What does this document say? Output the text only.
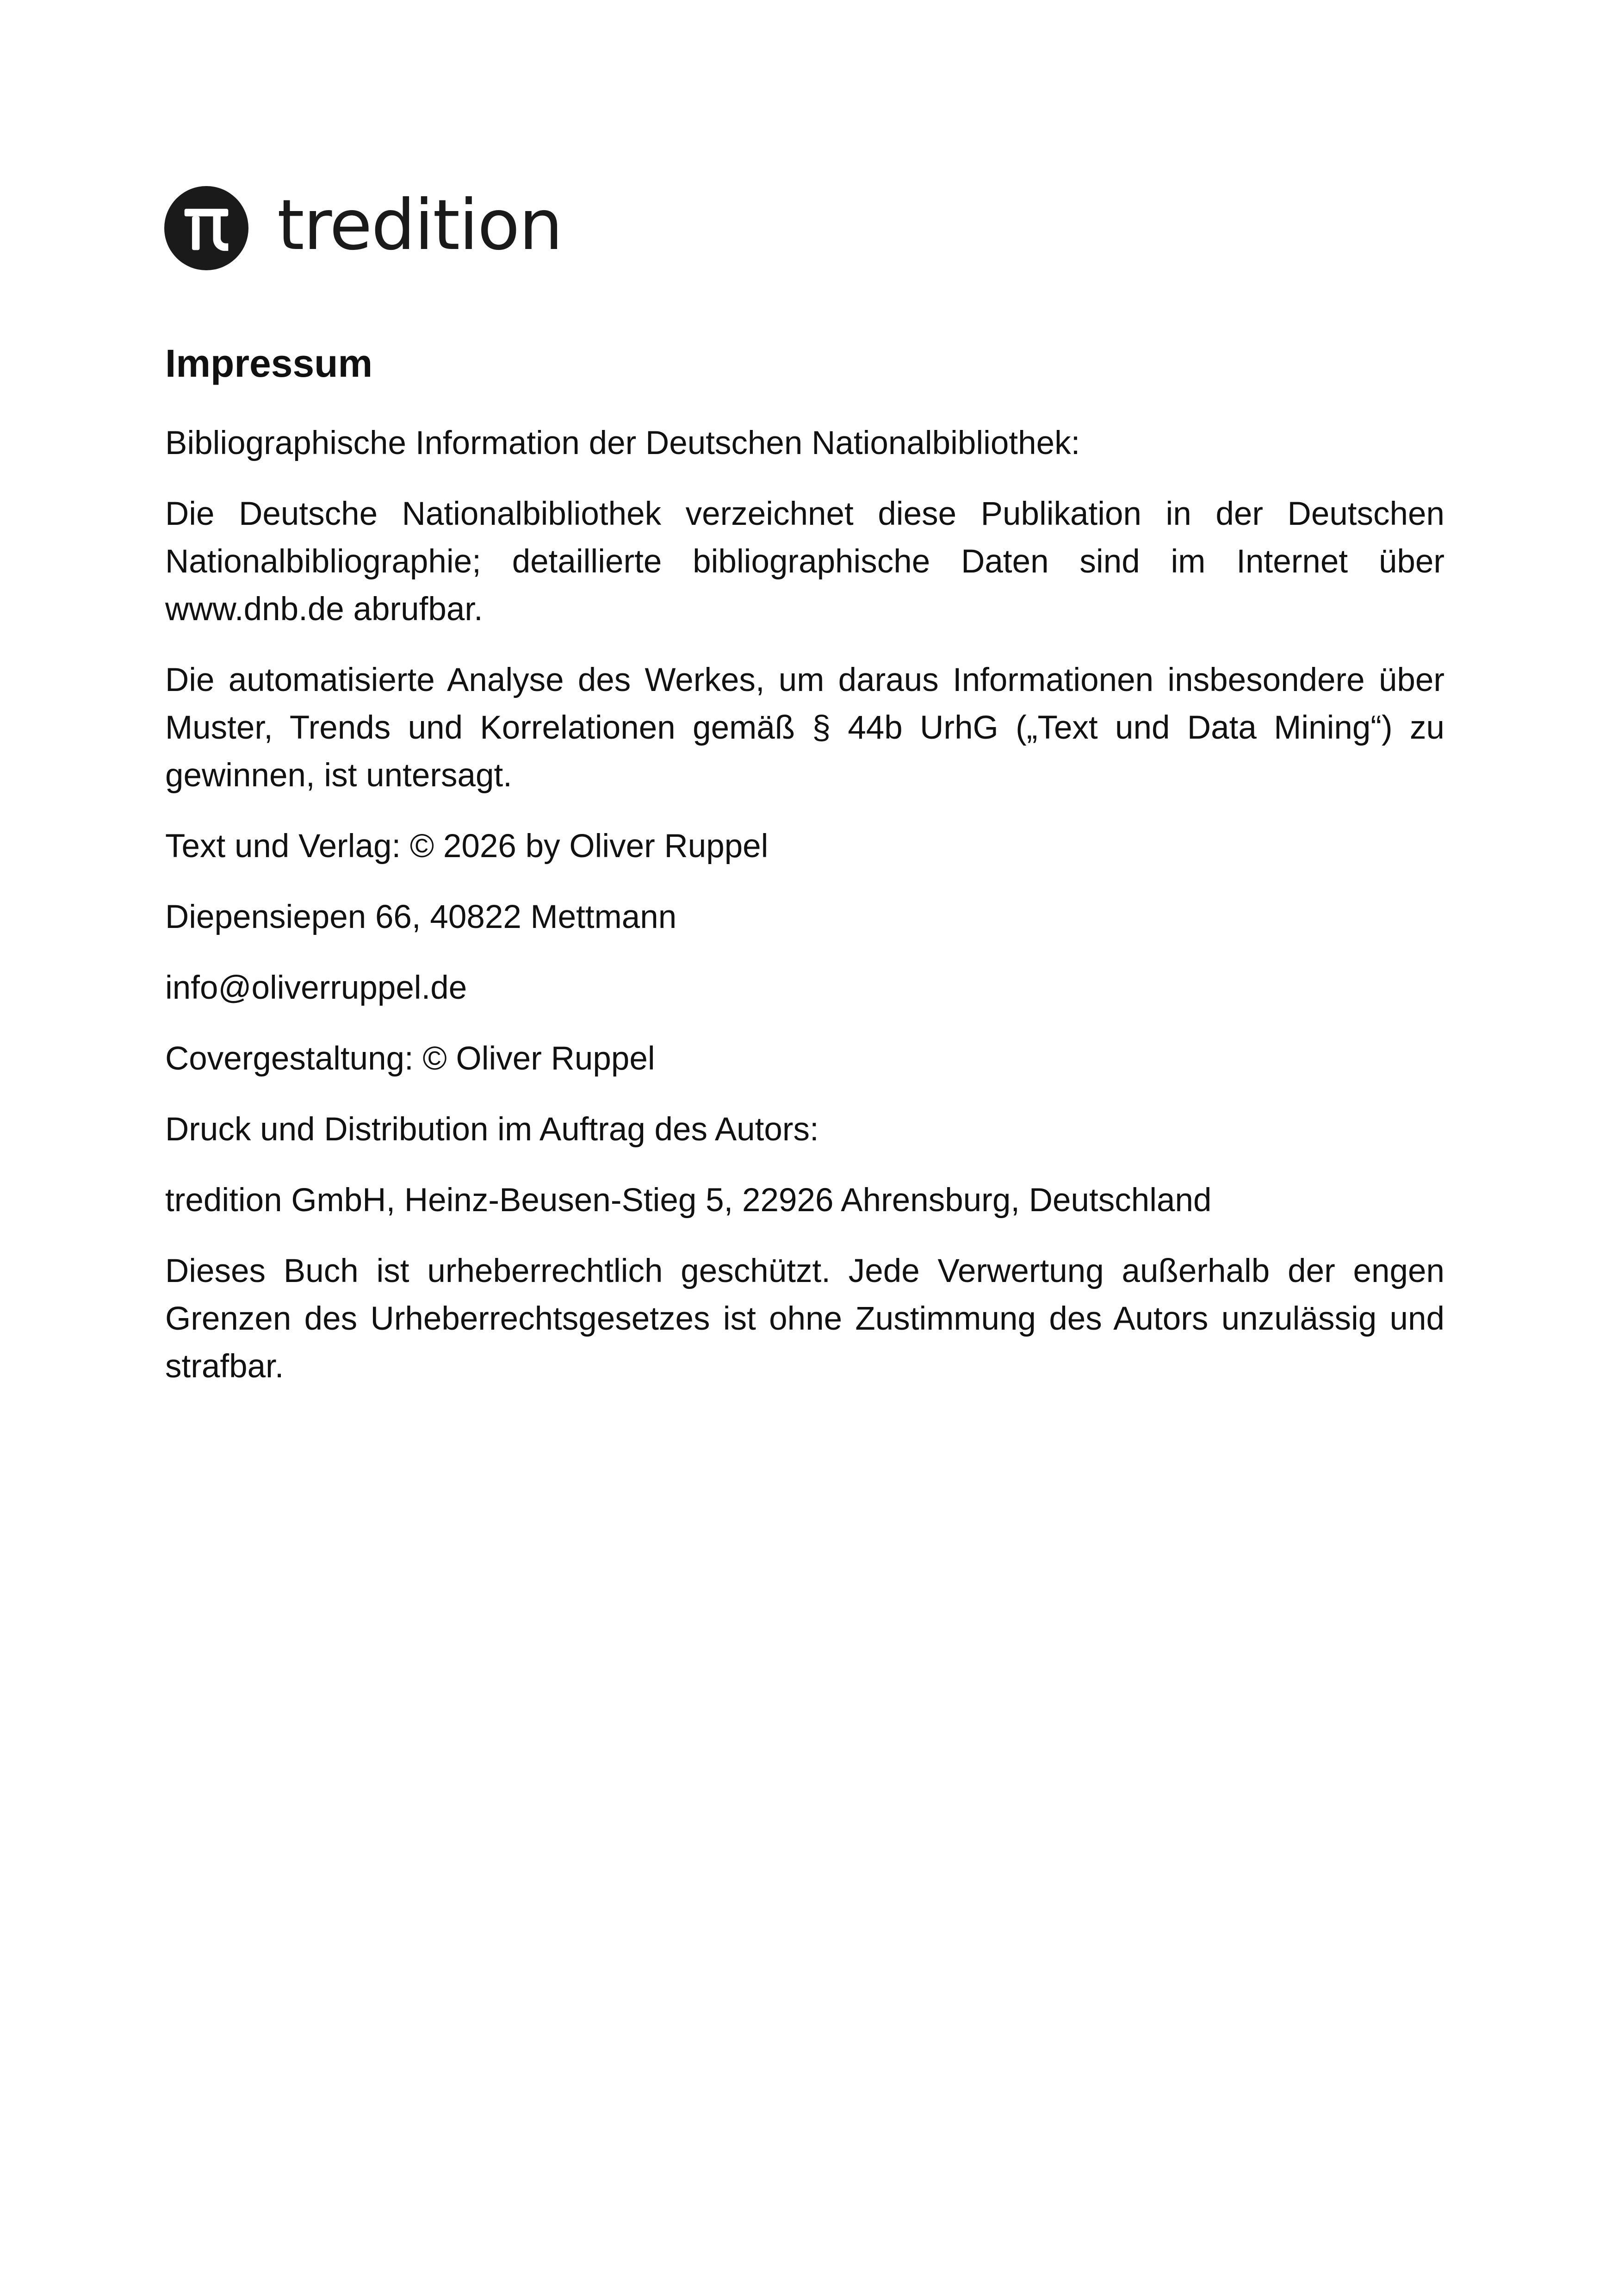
tredition
Impressum

Bibliographische Information der Deutschen Nationalbibliothek:

Die Deutsche Nationalbibliothek verzeichnet diese Publikation in der Deutschen Nationalbibliographie; detaillierte bibliographische Daten sind im Internet über www.dnb.de abrufbar.

Die automatisierte Analyse des Werkes, um daraus Informationen insbesondere über Muster, Trends und Korrelationen gemäß § 44b UrhG („Text und Data Mining“) zu gewinnen, ist untersagt.

Text und Verlag: © 2026 by Oliver Ruppel

Diepensiepen 66, 40822 Mettmann

info@oliverruppel.de

Covergestaltung: © Oliver Ruppel

Druck und Distribution im Auftrag des Autors:

tredition GmbH, Heinz-Beusen-Stieg 5, 22926 Ahrensburg, Deutschland

Dieses Buch ist urheberrechtlich geschützt. Jede Verwertung außerhalb der engen Grenzen des Urheberrechtsgesetzes ist ohne Zustimmung des Autors unzulässig und strafbar.
